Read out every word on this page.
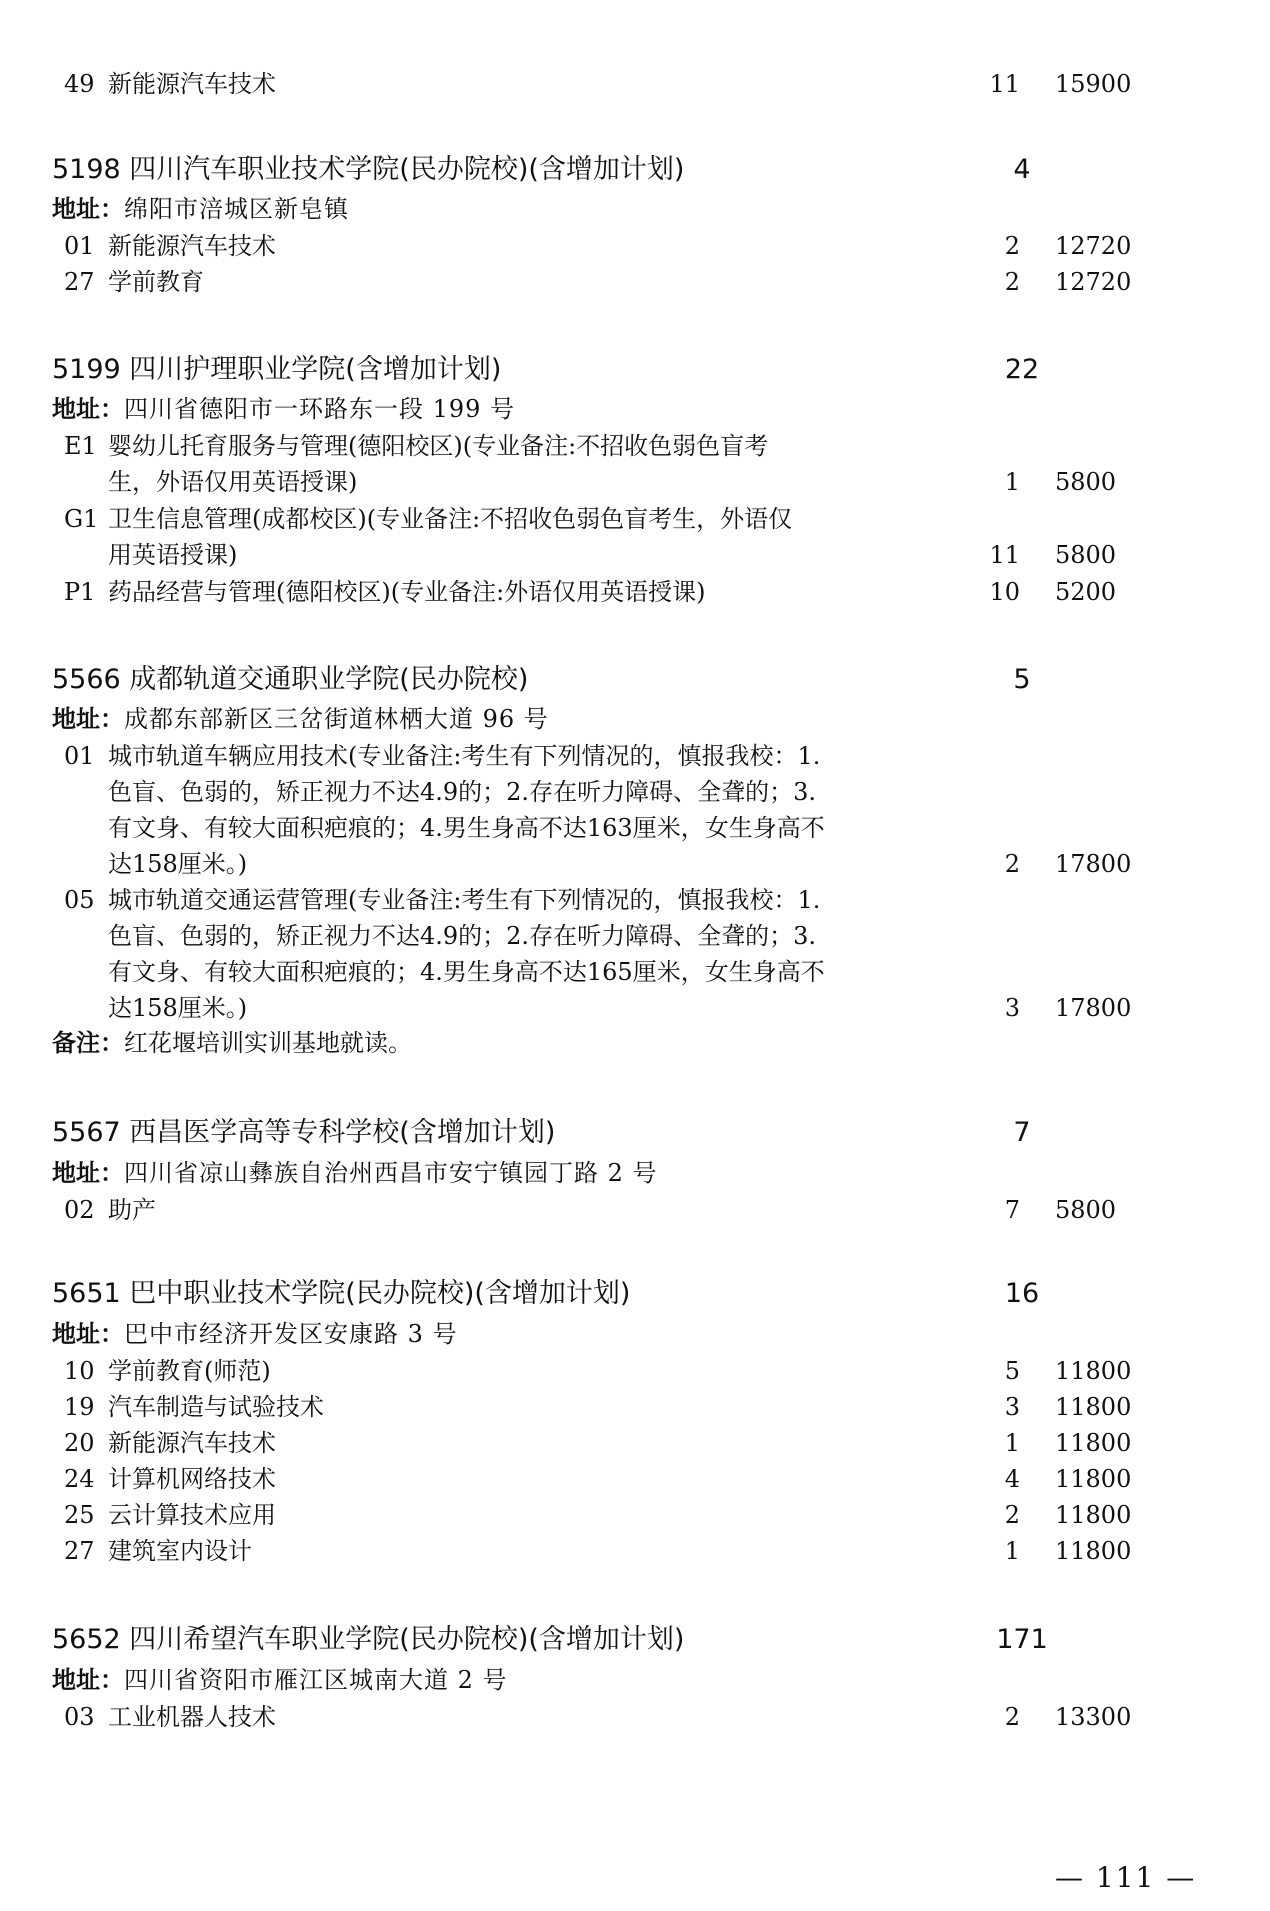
49 新能源汽车技术	11 15900
5198 四川汽车职业技术学院(民办院校)(含增加计划)	4
地址：绵阳市涪城区新皂镇
01 新能源汽车技术	2 12720
27 学前教育	2 12720
5199 四川护理职业学院(含增加计划)	22
地址：四川省德阳市一环路东一段 199 号
E1 婴幼儿托育服务与管理(德阳校区)(专业备注:不招收色弱色盲考
生，外语仅用英语授课)	1 5800
G1 卫生信息管理(成都校区)(专业备注:不招收色弱色盲考生，外语仅
用英语授课)	11 5800
P1 药品经营与管理(德阳校区)(专业备注:外语仅用英语授课)	10 5200
5566 成都轨道交通职业学院(民办院校)	5
地址：成都东部新区三岔街道林栖大道 96 号
01 城市轨道车辆应用技术(专业备注:考生有下列情况的，慎报我校：1.
色盲、色弱的，矫正视力不达4.9的；2.存在听力障碍、全聋的；3.
有文身、有较大面积疤痕的；4.男生身高不达163厘米，女生身高不
达158厘米。)	2 17800
05 城市轨道交通运营管理(专业备注:考生有下列情况的，慎报我校：1.
色盲、色弱的，矫正视力不达4.9的；2.存在听力障碍、全聋的；3.
有文身、有较大面积疤痕的；4.男生身高不达165厘米，女生身高不
达158厘米。)	3 17800
备注：红花堰培训实训基地就读。
5567 西昌医学高等专科学校(含增加计划)	7
地址：四川省凉山彝族自治州西昌市安宁镇园丁路 2 号
02 助产	7 5800
5651 巴中职业技术学院(民办院校)(含增加计划)	16
地址：巴中市经济开发区安康路 3 号
10 学前教育(师范)	5 11800
19 汽车制造与试验技术	3 11800
20 新能源汽车技术	1 11800
24 计算机网络技术	4 11800
25 云计算技术应用	2 11800
27 建筑室内设计	1 11800
5652 四川希望汽车职业学院(民办院校)(含增加计划)	171
地址：四川省资阳市雁江区城南大道 2 号
03 工业机器人技术	2 13300
— 111 —
